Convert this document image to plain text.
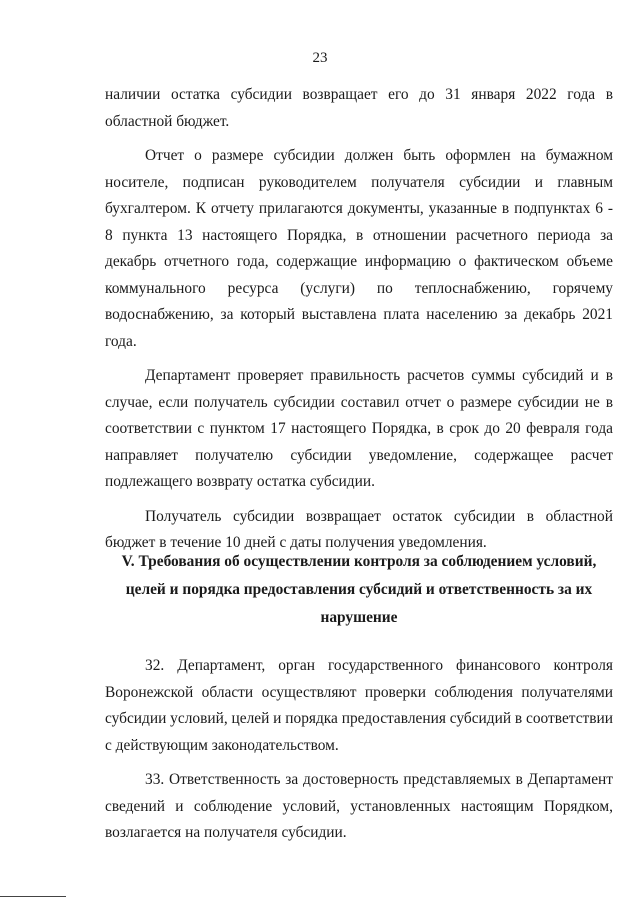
23

наличии остатка субсидии возвращает его до 31 января 2022 года в областной бюджет.

Отчет о размере субсидии должен быть оформлен на бумажном носителе, подписан руководителем получателя субсидии и главным бухгалтером. К отчету прилагаются документы, указанные в подпунктах 6 - 8 пункта 13 настоящего Порядка, в отношении расчетного периода за декабрь отчетного года, содержащие информацию о фактическом объеме коммунального ресурса (услуги) по теплоснабжению, горячему водоснабжению, за который выставлена плата населению за декабрь 2021 года.

Департамент проверяет правильность расчетов суммы субсидий и в случае, если получатель субсидии составил отчет о размере субсидии не в соответствии с пунктом 17 настоящего Порядка, в срок до 20 февраля года направляет получателю субсидии уведомление, содержащее расчет подлежащего возврату остатка субсидии.

Получатель субсидии возвращает остаток субсидии в областной бюджет в течение 10 дней с даты получения уведомления.

V. Требования об осуществлении контроля за соблюдением условий, целей и порядка предоставления субсидий и ответственность за их нарушение

32. Департамент, орган государственного финансового контроля Воронежской области осуществляют проверки соблюдения получателями субсидии условий, целей и порядка предоставления субсидий в соответствии с действующим законодательством.

33. Ответственность за достоверность представляемых в Департамент сведений и соблюдение условий, установленных настоящим Порядком, возлагается на получателя субсидии.
